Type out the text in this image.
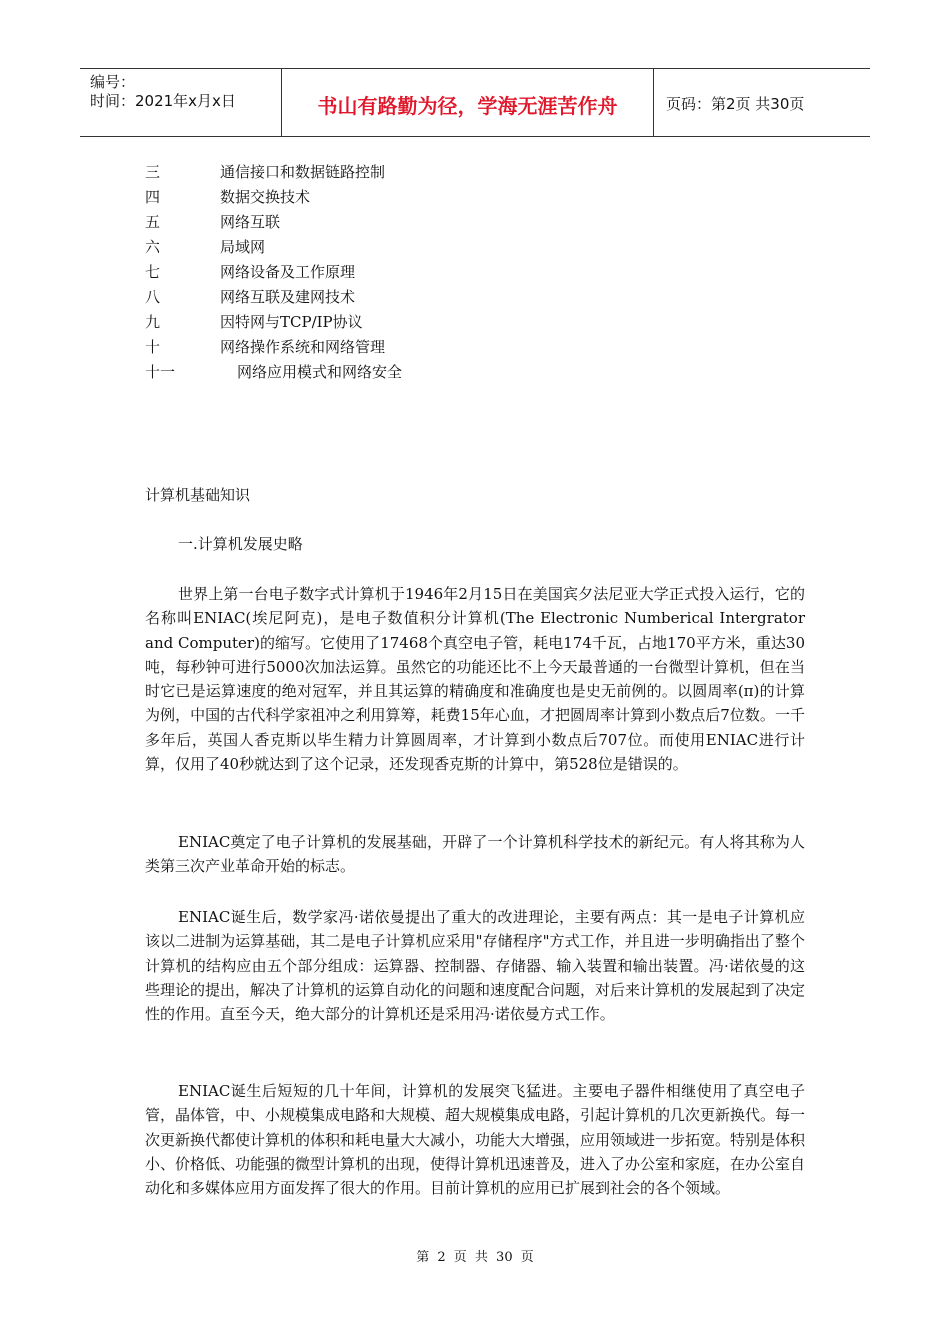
编号：
时间：2021年x月x日	书山有路勤为径，学海无涯苦作舟	页码：第2页 共30页
三	通信接口和数据链路控制
四	数据交换技术
五	网络互联
六	局域网
七	网络设备及工作原理
八	网络互联及建网技术
九	因特网与TCP/IP协议
十	网络操作系统和网络管理
十一	网络应用模式和网络安全
计算机基础知识
一.计算机发展史略

世界上第一台电子数字式计算机于1946年2月15日在美国宾夕法尼亚大学正式投入运行，它的名称叫ENIAC(埃尼阿克)，是电子数值积分计算机(The Electronic Numberical Intergrator and Computer)的缩写。它使用了17468个真空电子管，耗电174千瓦，占地170平方米，重达30吨，每秒钟可进行5000次加法运算。虽然它的功能还比不上今天最普通的一台微型计算机，但在当时它已是运算速度的绝对冠军，并且其运算的精确度和准确度也是史无前例的。以圆周率(π)的计算为例，中国的古代科学家祖冲之利用算筹，耗费15年心血，才把圆周率计算到小数点后7位数。一千多年后，英国人香克斯以毕生精力计算圆周率，才计算到小数点后707位。而使用ENIAC进行计算，仅用了40秒就达到了这个记录，还发现香克斯的计算中，第528位是错误的。

ENIAC奠定了电子计算机的发展基础，开辟了一个计算机科学技术的新纪元。有人将其称为人类第三次产业革命开始的标志。

ENIAC诞生后，数学家冯·诺依曼提出了重大的改进理论，主要有两点：其一是电子计算机应该以二进制为运算基础，其二是电子计算机应采用"存储程序"方式工作，并且进一步明确指出了整个计算机的结构应由五个部分组成：运算器、控制器、存储器、输入装置和输出装置。冯·诺依曼的这些理论的提出，解决了计算机的运算自动化的问题和速度配合问题，对后来计算机的发展起到了决定性的作用。直至今天，绝大部分的计算机还是采用冯·诺依曼方式工作。

ENIAC诞生后短短的几十年间，计算机的发展突飞猛进。主要电子器件相继使用了真空电子管，晶体管，中、小规模集成电路和大规模、超大规模集成电路，引起计算机的几次更新换代。每一次更新换代都使计算机的体积和耗电量大大减小，功能大大增强，应用领域进一步拓宽。特别是体积小、价格低、功能强的微型计算机的出现，使得计算机迅速普及，进入了办公室和家庭，在办公室自动化和多媒体应用方面发挥了很大的作用。目前计算机的应用已扩展到社会的各个领域。

第 2 页 共 30 页
